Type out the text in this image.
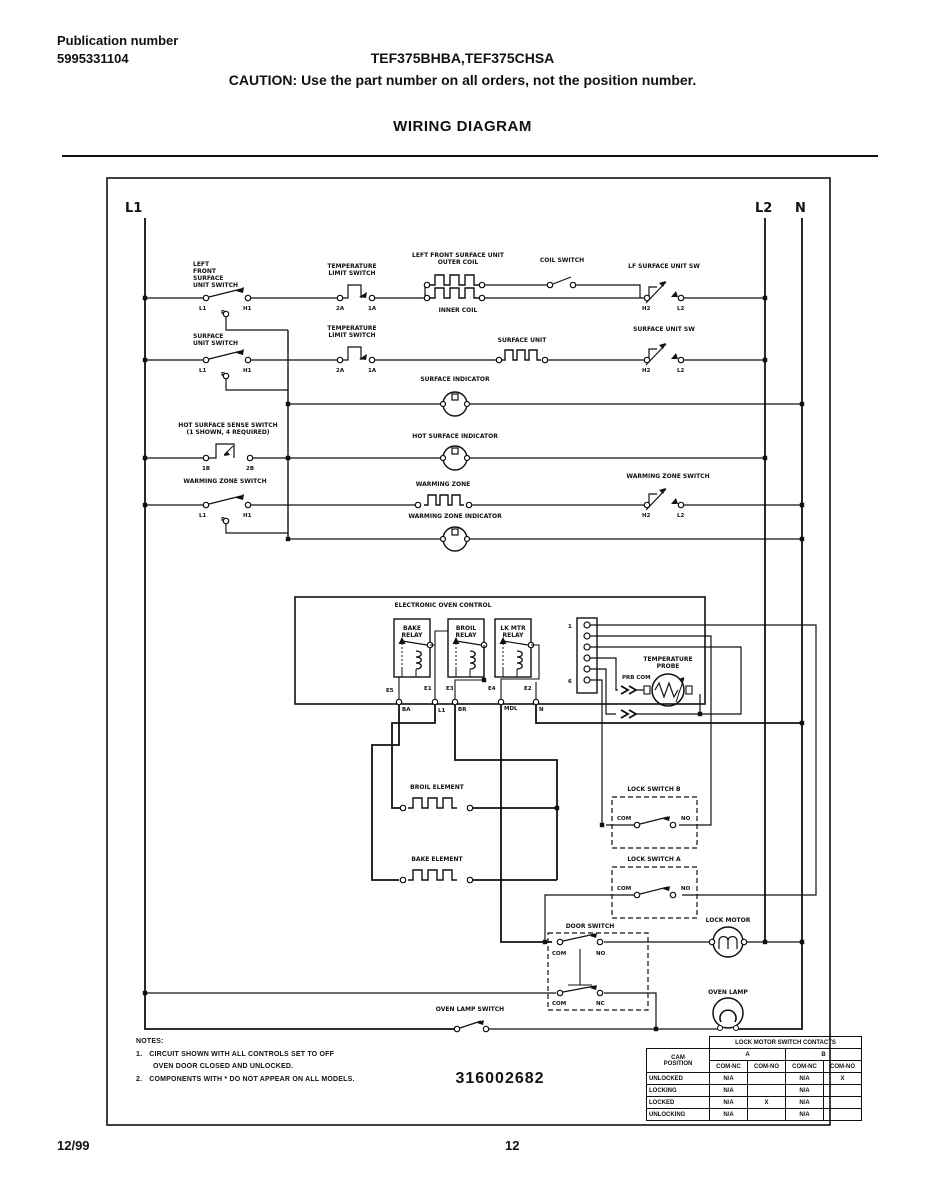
Publication number
5995331104	TEF375BHBA,TEF375CHSA
CAUTION: Use the part number on all orders, not the position number.
WIRING DIAGRAM
L1	L2 N
LEFT
FRONT
SURFACE
UNIT SWITCH
L1
P
H1
TEMPERATURE
LIMIT SWITCH
2A	1A
LEFT FRONT SURFACE UNIT
OUTER COIL
INNER COIL
COIL SWITCH
LF SURFACE UNIT SW
H2	L2
SURFACE
UNIT SWITCH
L1
P
H1
TEMPERATURE
LIMIT SWITCH
2A	1A
SURFACE UNIT
SURFACE UNIT SW
H2	L2
SURFACE INDICATOR
HOT SURFACE SENSE SWITCH
(1 SHOWN, 4 REQUIRED)
1B	2B
HOT SURFACE INDICATOR
WARMING ZONE SWITCH
L1
P
H1
WARMING ZONE
WARMING ZONE SWITCH
H2	L2
WARMING ZONE INDICATOR
ELECTRONIC OVEN CONTROL
BAKE
RELAY
BROIL
RELAY
LK MTR
RELAY
E5	E1	E3	E4	E2
BA	L1 BR	MDL	N
1
6
TEMPERATURE
PROBE
PRB COM
BROIL ELEMENT
BAKE ELEMENT
LOCK SWITCH B
COM	NO
LOCK SWITCH A
COM	NO
DOOR SWITCH
COM	NO
COM	NC
LOCK MOTOR
OVEN LAMP SWITCH
OVEN LAMP
NOTES:
1. CIRCUIT SHOWN WITH ALL CONTROLS SET TO OFF
OVEN DOOR CLOSED AND UNLOCKED.
2. COMPONENTS WITH * DO NOT APPEAR ON ALL MODELS.	316002682
	LOCK MOTOR SWITCH CONTACTS			
CAM
POSITION	A		B	
	COM-NC	COM-NO	COM-NC	COM-NO
UNLOCKED	N/A		N/A	X
LOCKING	N/A		N/A	
LOCKED	N/A	X	N/A	
UNLOCKING	N/A		N/A	
12/99	12
